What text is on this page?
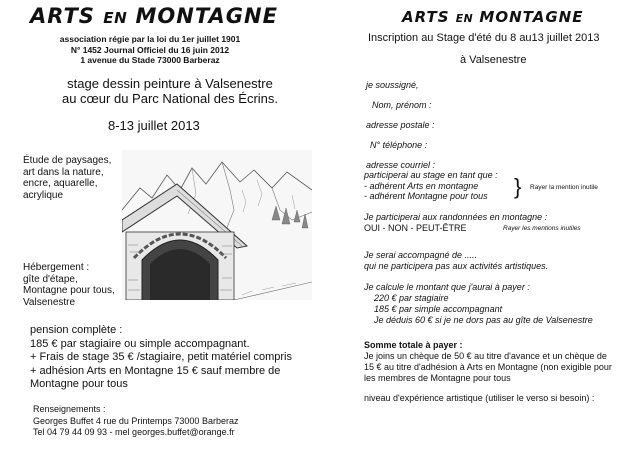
ARTS EN MONTAGNE
association régie par la loi du 1er juillet 1901
N° 1452 Journal Officiel du 16 juin 2012
1 avenue du Stade 73000 Barberaz
stage dessin peinture à Valsenestre
au cœur du Parc National des Écrins.
8-13 juillet 2013
Étude de paysages,
art dans la nature,
encre, aquarelle,
acrylique
Hébergement :
gîte d'étape,
Montagne pour tous,
Valsenestre
pension complète :
185 € par stagiaire ou simple accompagnant.
+ Frais de stage 35 € /stagiaire, petit matériel compris
+ adhésion Arts en Montagne 15 € sauf membre de
Montagne pour tous
Renseignements :
Georges Buffet 4 rue du Printemps 73000 Barberaz
Tel 04 79 44 09 93 - mel georges.buffet@orange.fr
ARTS EN MONTAGNE
Inscription au Stage d'été du 8 au13 juillet 2013
à Valsenestre
je soussigné,
Nom, prénom :
adresse postale :
N° téléphone :
adresse courriel :
participerai au stage en tant que :
- adhérent Arts en montagne
- adhérent Montagne pour tous	} Rayer la mention inutile
Je participerai aux randonnées en montagne :
OUI - NON - PEUT-ÊTRE	Rayer les mentions inutiles
Je serai accompagné de .....
qui ne participera pas aux activités artistiques.
Je calcule le montant que j'aurai à payer :
220 € par stagiaire
185 € par simple accompagnant
Je déduis 60 € si je ne dors pas au gîte de Valsenestre
Somme totale à payer :
Je joins un chèque de 50 € au titre d'avance et un chèque de
15 € au titre d'adhésion à Arts en Montagne (non exigible pour
les membres de Montagne pour tous
niveau d'expérience artistique (utiliser le verso si besoin) :
